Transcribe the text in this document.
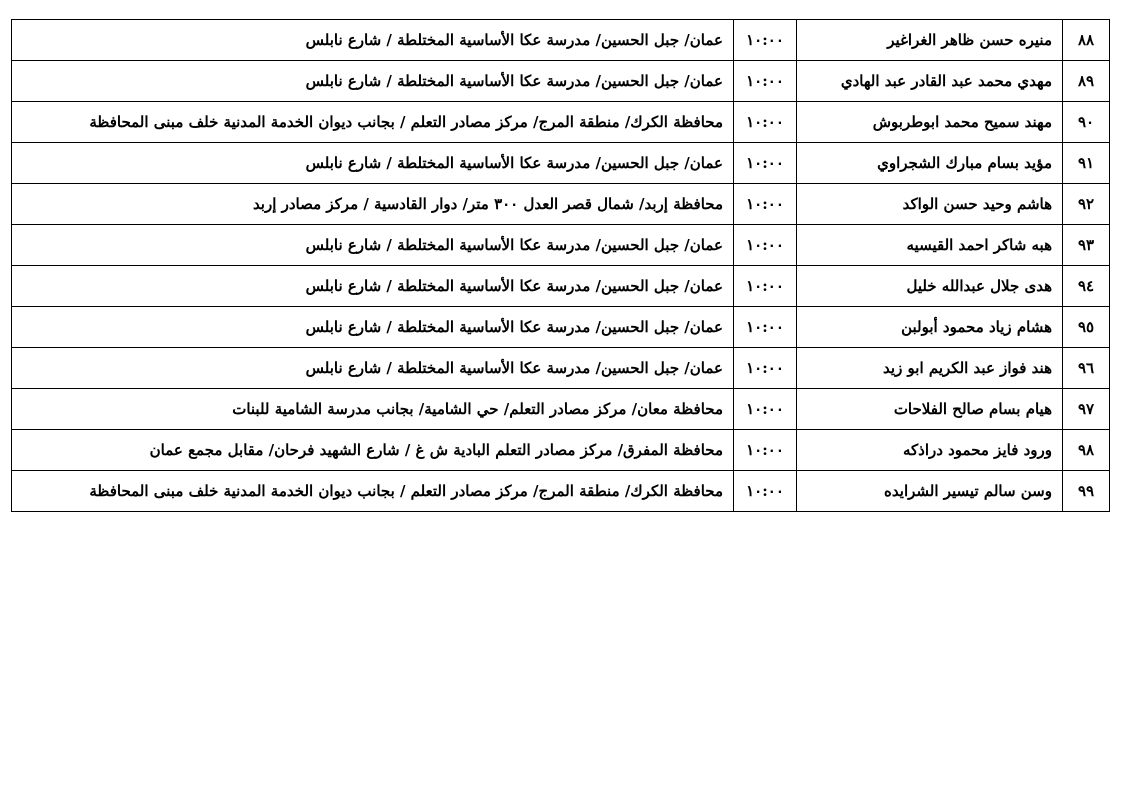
٨٨	منيره حسن ظاهر الغراغير	١٠:٠٠	عمان/ جبل الحسين/ مدرسة عكا الأساسية المختلطة / شارع نابلس
٨٩	مهدي محمد عبد القادر عبد الهادي	١٠:٠٠	عمان/ جبل الحسين/ مدرسة عكا الأساسية المختلطة / شارع نابلس
٩٠	مهند سميح محمد ابوطربوش	١٠:٠٠	محافظة الكرك/ منطقة المرج/ مركز مصادر التعلم / بجانب ديوان الخدمة المدنية خلف مبنى المحافظة
٩١	مؤيد بسام مبارك الشجراوي	١٠:٠٠	عمان/ جبل الحسين/ مدرسة عكا الأساسية المختلطة / شارع نابلس
٩٢	هاشم وحيد حسن الواكد	١٠:٠٠	محافظة إربد/ شمال قصر العدل ٣٠٠ متر/ دوار القادسية / مركز مصادر إربد
٩٣	هبه شاكر احمد القيسيه	١٠:٠٠	عمان/ جبل الحسين/ مدرسة عكا الأساسية المختلطة / شارع نابلس
٩٤	هدى جلال عبدالله خليل	١٠:٠٠	عمان/ جبل الحسين/ مدرسة عكا الأساسية المختلطة / شارع نابلس
٩٥	هشام زياد محمود أبولبن	١٠:٠٠	عمان/ جبل الحسين/ مدرسة عكا الأساسية المختلطة / شارع نابلس
٩٦	هند فواز عبد الكريم ابو زيد	١٠:٠٠	عمان/ جبل الحسين/ مدرسة عكا الأساسية المختلطة / شارع نابلس
٩٧	هيام بسام صالح الفلاحات	١٠:٠٠	محافظة معان/ مركز مصادر التعلم/ حي الشامية/ بجانب مدرسة الشامية للبنات
٩٨	ورود فايز محمود دراذكه	١٠:٠٠	محافظة المفرق/ مركز مصادر التعلم البادية ش غ / شارع الشهيد فرحان/ مقابل مجمع عمان
٩٩	وسن سالم تيسير الشرايده	١٠:٠٠	محافظة الكرك/ منطقة المرج/ مركز مصادر التعلم / بجانب ديوان الخدمة المدنية خلف مبنى المحافظة
